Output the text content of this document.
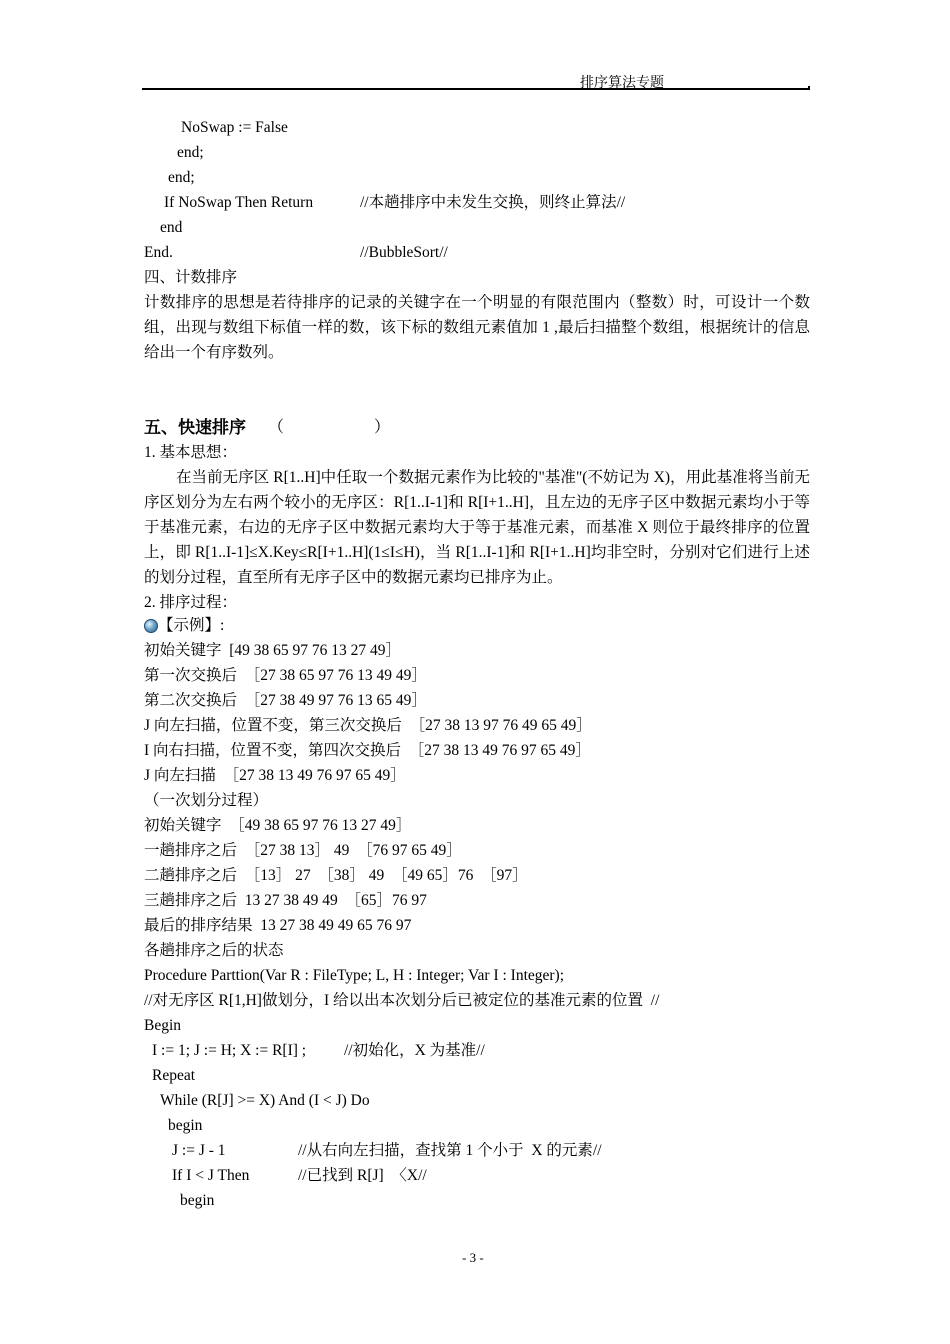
排序算法专题
NoSwap := False
end;
end;
If NoSwap Then Return	//本趟排序中未发生交换，则终止算法//
end
End.	//BubbleSort//
四、计数排序
计数排序的思想是若待排序的记录的关键字在一个明显的有限范围内（整数）时，可设计一个数组，出现与数组下标值一样的数，该下标的数组元素值加 1 ,最后扫描整个数组，根据统计的信息给出一个有序数列。
五、快速排序 （	）
1. 基本思想：
在当前无序区 R[1..H]中任取一个数据元素作为比较的"基准"(不妨记为 X)，用此基准将当前无序区划分为左右两个较小的无序区：R[1..I-1]和 R[I+1..H]，且左边的无序子区中数据元素均小于等于基准元素，右边的无序子区中数据元素均大于等于基准元素，而基准 X 则位于最终排序的位置上，即 R[1..I-1]≤X.Key≤R[I+1..H](1≤I≤H)，当 R[1..I-1]和 R[I+1..H]均非空时，分别对它们进行上述的划分过程，直至所有无序子区中的数据元素均已排序为止。
2. 排序过程：
【示例】:
初始关键字  [49 38 65 97 76 13 27 49］
第一次交换后  ［27 38 65 97 76 13 49 49］
第二次交换后  ［27 38 49 97 76 13 65 49］
J 向左扫描，位置不变，第三次交换后  ［27 38 13 97 76 49 65 49］
I 向右扫描，位置不变，第四次交换后  ［27 38 13 49 76 97 65 49］
J 向左扫描  ［27 38 13 49 76 97 65 49］
（一次划分过程）
初始关键字  ［49 38 65 97 76 13 27 49］
一趟排序之后  ［27 38 13］ 49  ［76 97 65 49］
二趟排序之后  ［13］ 27  ［38］ 49  ［49 65］76  ［97］
三趟排序之后  13 27 38 49 49  ［65］76 97
最后的排序结果  13 27 38 49 49 65 76 97
各趟排序之后的状态
Procedure Parttion(Var R : FileType; L, H : Integer; Var I : Integer);
//对无序区 R[1,H]做划分，I 给以出本次划分后已被定位的基准元素的位置  //
Begin
I := 1; J := H; X := R[I] ; //初始化，X 为基准//
Repeat
While (R[J] >= X) And (I < J) Do
begin
J := J - 1	//从右向左扫描，查找第 1 个小于  X 的元素//
If I < J Then	//已找到 R[J]  〈X//
begin
- 3 -
